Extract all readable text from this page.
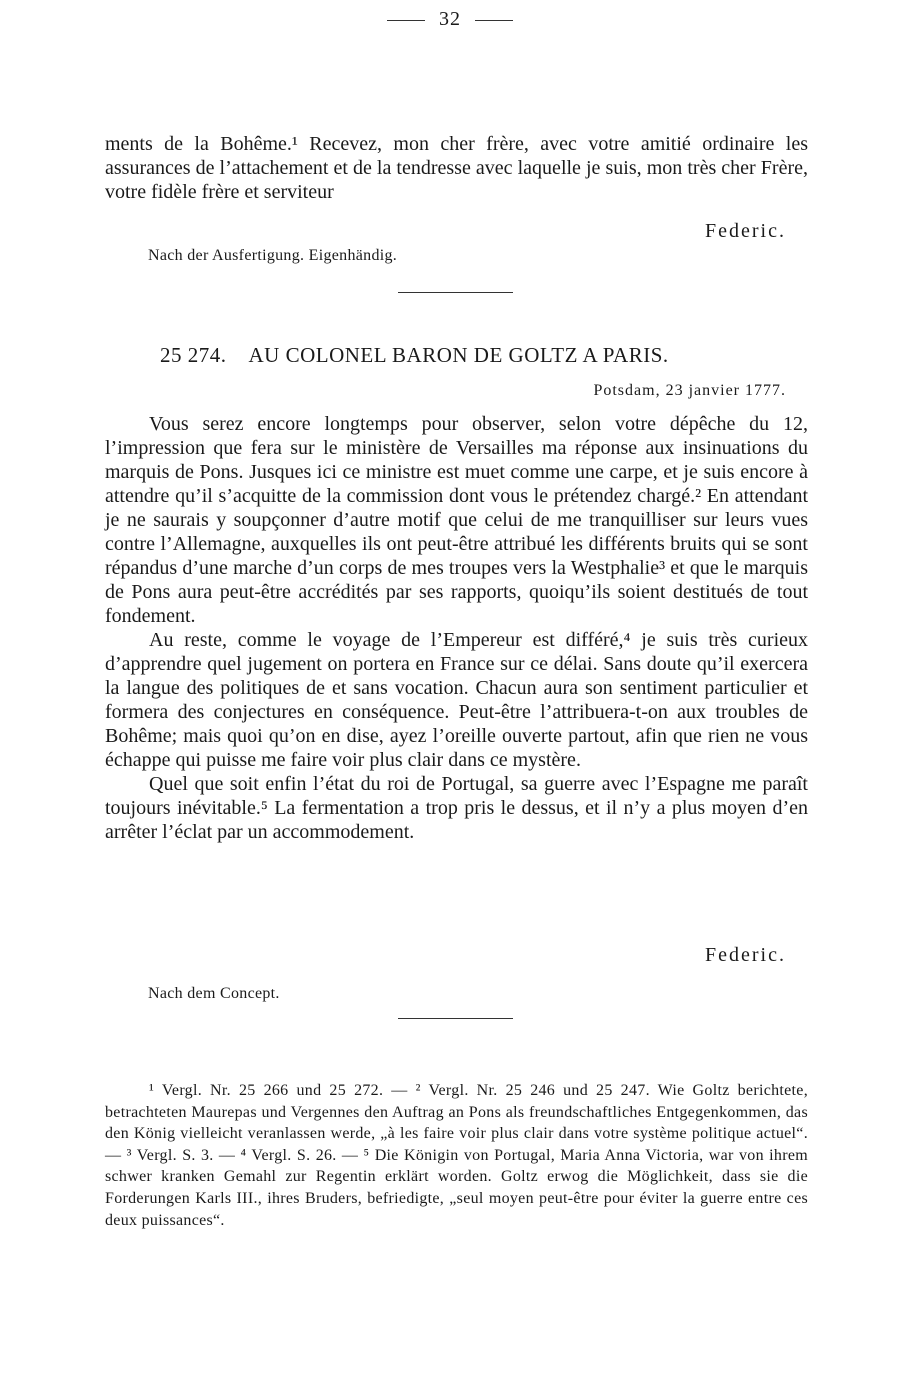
32

ments de la Bohême.¹ Recevez, mon cher frère, avec votre amitié ordinaire les assurances de l’attachement et de la tendresse avec laquelle je suis, mon très cher Frère, votre fidèle frère et serviteur

Federic.
Nach der Ausfertigung. Eigenhändig.
25 274. AU COLONEL BARON DE GOLTZ A PARIS.
Potsdam, 23 janvier 1777.

Vous serez encore longtemps pour observer, selon votre dépêche du 12, l’impression que fera sur le ministère de Versailles ma réponse aux insinuations du marquis de Pons. Jusques ici ce ministre est muet comme une carpe, et je suis encore à attendre qu’il s’acquitte de la commission dont vous le prétendez chargé.² En attendant je ne saurais y soupçonner d’autre motif que celui de me tranquilliser sur leurs vues contre l’Allemagne, auxquelles ils ont peut-être attribué les différents bruits qui se sont répandus d’une marche d’un corps de mes troupes vers la Westphalie³ et que le marquis de Pons aura peut-être accrédités par ses rapports, quoiqu’ils soient destitués de tout fondement.

Au reste, comme le voyage de l’Empereur est différé,⁴ je suis très curieux d’apprendre quel jugement on portera en France sur ce délai. Sans doute qu’il exercera la langue des politiques de et sans vocation. Chacun aura son sentiment particulier et formera des conjectures en conséquence. Peut-être l’attribuera-t-on aux troubles de Bohême; mais quoi qu’on en dise, ayez l’oreille ouverte partout, afin que rien ne vous échappe qui puisse me faire voir plus clair dans ce mystère.

Quel que soit enfin l’état du roi de Portugal, sa guerre avec l’Espagne me paraît toujours inévitable.⁵ La fermentation a trop pris le dessus, et il n’y a plus moyen d’en arrêter l’éclat par un accommodement.

Federic.
Nach dem Concept.

¹ Vergl. Nr. 25 266 und 25 272. — ² Vergl. Nr. 25 246 und 25 247. Wie Goltz berichtete, betrachteten Maurepas und Vergennes den Auftrag an Pons als freundschaftliches Entgegenkommen, das den König vielleicht veranlassen werde, „à les faire voir plus clair dans votre système politique actuel“. — ³ Vergl. S. 3. — ⁴ Vergl. S. 26. — ⁵ Die Königin von Portugal, Maria Anna Victoria, war von ihrem schwer kranken Gemahl zur Regentin erklärt worden. Goltz erwog die Möglichkeit, dass sie die Forderungen Karls III., ihres Bruders, befriedigte, „seul moyen peut-être pour éviter la guerre entre ces deux puissances“.
